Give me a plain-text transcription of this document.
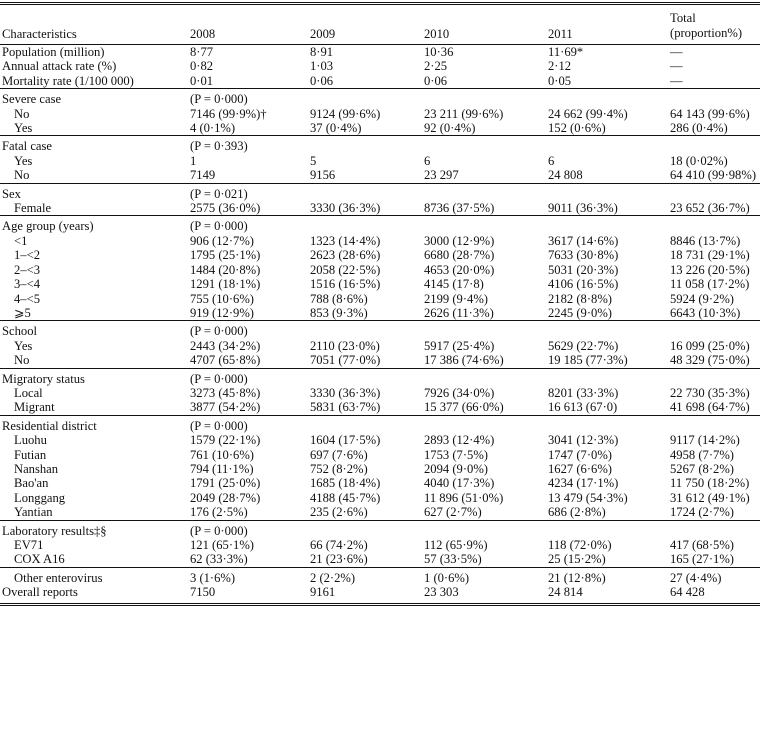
Characteristics	2008	2009	2010	2011	Total
(proportion%)
Population (million)	8·77	8·91	10·36	11·69*	—
Annual attack rate (%)	0·82	1·03	2·25	2·12	—
Mortality rate (1/100 000)	0·01	0·06	0·06	0·05	—
Severe case	(P = 0·000)				
No	7146 (99·9%)†	9124 (99·6%)	23 211 (99·6%)	24 662 (99·4%)	64 143 (99·6%)
Yes	4 (0·1%)	37 (0·4%)	92 (0·4%)	152 (0·6%)	286 (0·4%)
Fatal case	(P = 0·393)				
Yes	1	5	6	6	18 (0·02%)
No	7149	9156	23 297	24 808	64 410 (99·98%)
Sex	(P = 0·021)				
Female	2575 (36·0%)	3330 (36·3%)	8736 (37·5%)	9011 (36·3%)	23 652 (36·7%)
Age group (years)	(P = 0·000)				
<1	906 (12·7%)	1323 (14·4%)	3000 (12·9%)	3617 (14·6%)	8846 (13·7%)
1–<2	1795 (25·1%)	2623 (28·6%)	6680 (28·7%)	7633 (30·8%)	18 731 (29·1%)
2–<3	1484 (20·8%)	2058 (22·5%)	4653 (20·0%)	5031 (20·3%)	13 226 (20·5%)
3–<4	1291 (18·1%)	1516 (16·5%)	4145 (17·8)	4106 (16·5%)	11 058 (17·2%)
4–<5	755 (10·6%)	788 (8·6%)	2199 (9·4%)	2182 (8·8%)	5924 (9·2%)
⩾5	919 (12·9%)	853 (9·3%)	2626 (11·3%)	2245 (9·0%)	6643 (10·3%)
School	(P = 0·000)				
Yes	2443 (34·2%)	2110 (23·0%)	5917 (25·4%)	5629 (22·7%)	16 099 (25·0%)
No	4707 (65·8%)	7051 (77·0%)	17 386 (74·6%)	19 185 (77·3%)	48 329 (75·0%)
Migratory status	(P = 0·000)				
Local	3273 (45·8%)	3330 (36·3%)	7926 (34·0%)	8201 (33·3%)	22 730 (35·3%)
Migrant	3877 (54·2%)	5831 (63·7%)	15 377 (66·0%)	16 613 (67·0)	41 698 (64·7%)
Residential district	(P = 0·000)				
Luohu	1579 (22·1%)	1604 (17·5%)	2893 (12·4%)	3041 (12·3%)	9117 (14·2%)
Futian	761 (10·6%)	697 (7·6%)	1753 (7·5%)	1747 (7·0%)	4958 (7·7%)
Nanshan	794 (11·1%)	752 (8·2%)	2094 (9·0%)	1627 (6·6%)	5267 (8·2%)
Bao'an	1791 (25·0%)	1685 (18·4%)	4040 (17·3%)	4234 (17·1%)	11 750 (18·2%)
Longgang	2049 (28·7%)	4188 (45·7%)	11 896 (51·0%)	13 479 (54·3%)	31 612 (49·1%)
Yantian	176 (2·5%)	235 (2·6%)	627 (2·7%)	686 (2·8%)	1724 (2·7%)
Laboratory results‡§	(P = 0·000)				
EV71	121 (65·1%)	66 (74·2%)	112 (65·9%)	118 (72·0%)	417 (68·5%)
COX A16	62 (33·3%)	21 (23·6%)	57 (33·5%)	25 (15·2%)	165 (27·1%)
Other enterovirus	3 (1·6%)	2 (2·2%)	1 (0·6%)	21 (12·8%)	27 (4·4%)
Overall reports	7150	9161	23 303	24 814	64 428
